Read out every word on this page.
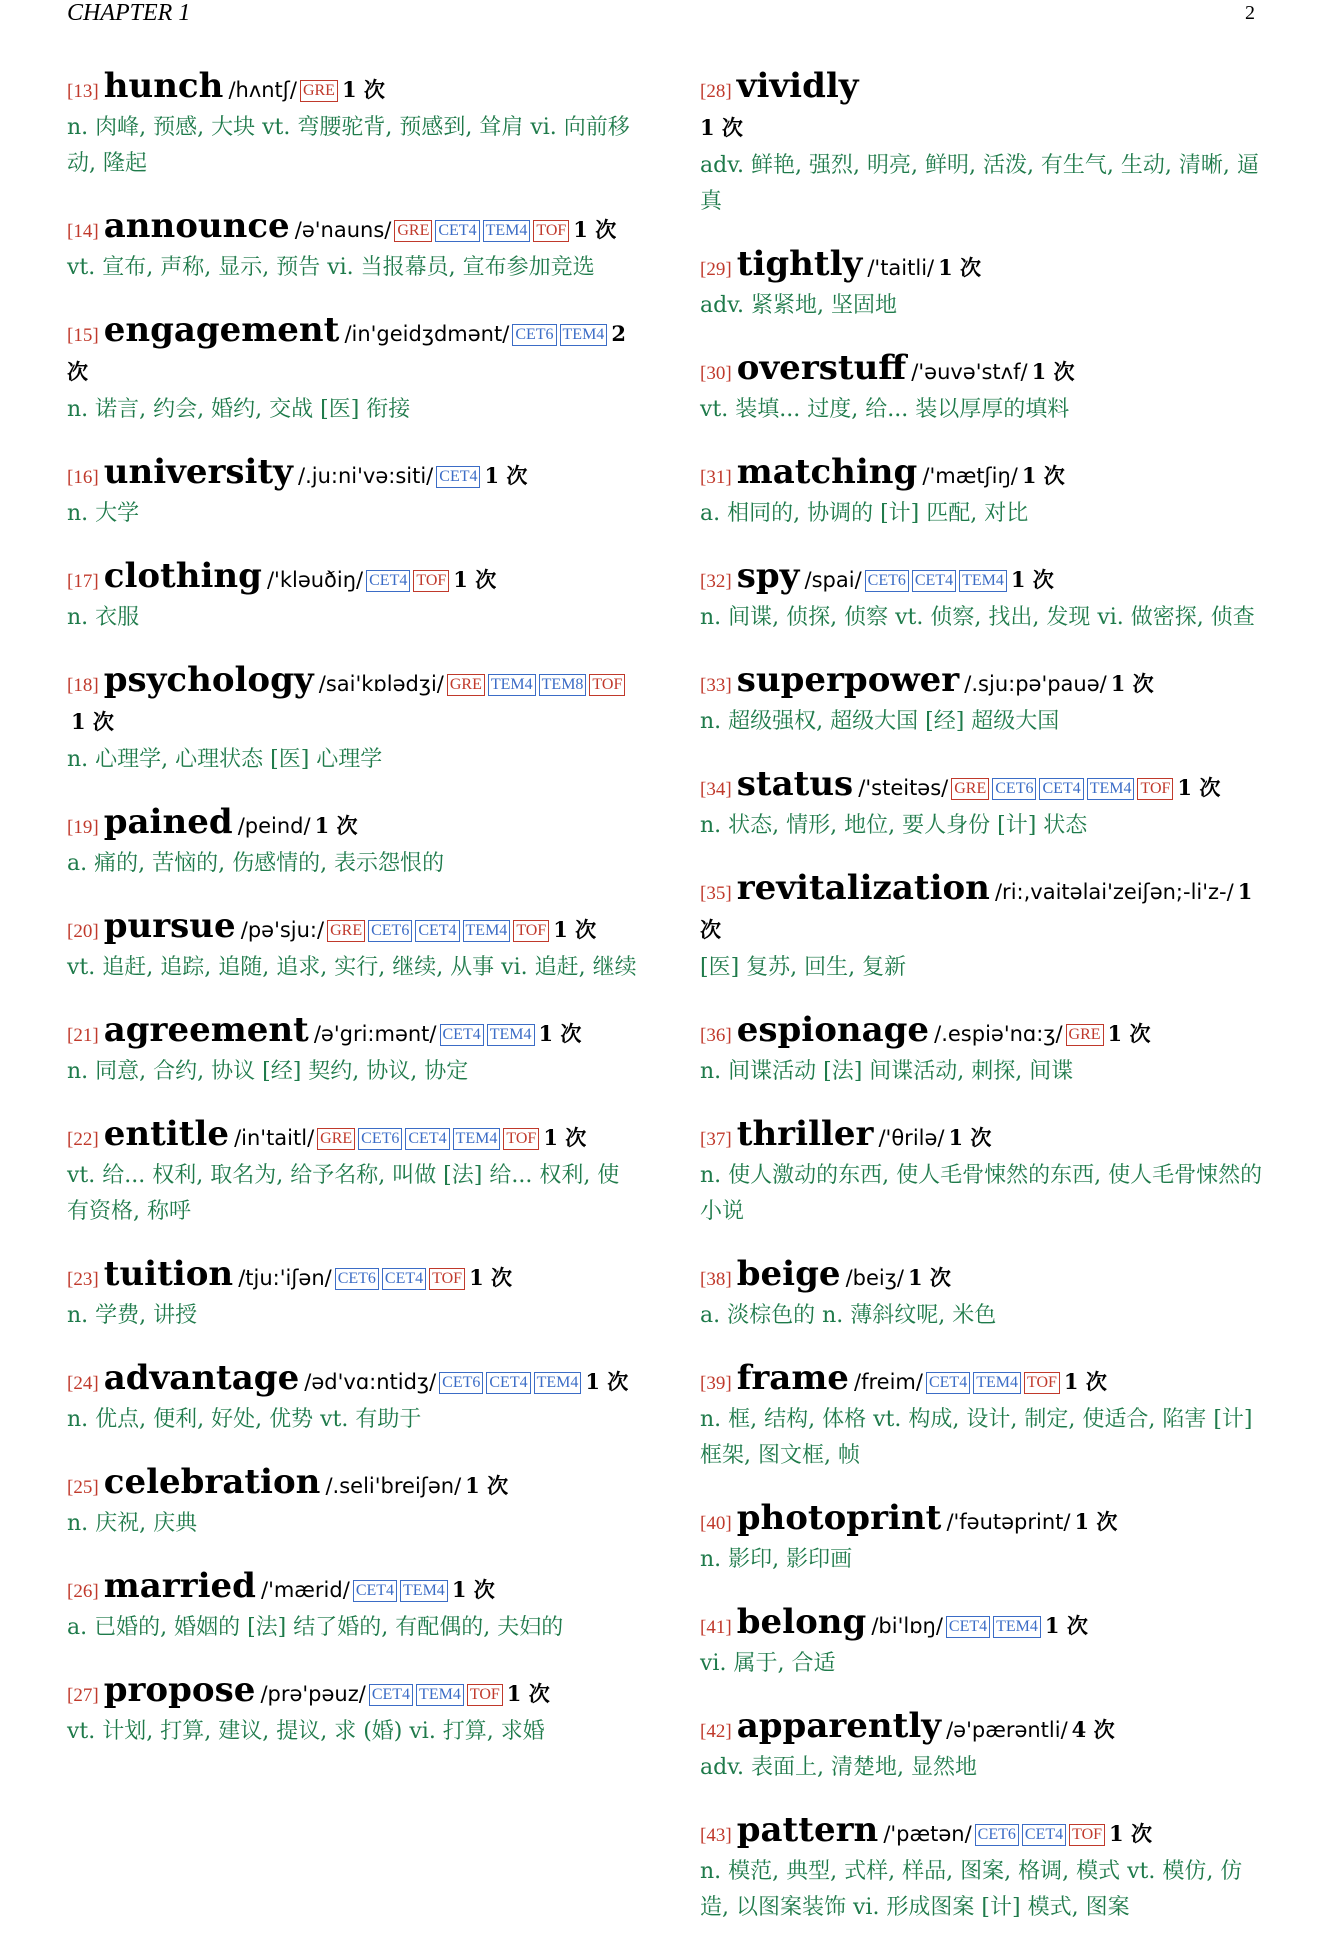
CHAPTER 1	2
[13] hunch /hʌntʃ/ GRE 1 次
n. 肉峰, 预感, 大块 vt. 弯腰驼背, 预感到, 耸肩 vi. 向前移动, 隆起
[14] announce /ə'nauns/ GRE CET4 TEM4 TOF 1 次
vt. 宣布, 声称, 显示, 预告 vi. 当报幕员, 宣布参加竞选
[15] engagement /in'geidʒdmənt/ CET6 TEM4 2 次
n. 诺言, 约会, 婚约, 交战 [医] 衔接
[16] university /.ju:ni'və:siti/ CET4 1 次
n. 大学
[17] clothing /'kləuðiŋ/ CET4 TOF 1 次
n. 衣服
[18] psychology /sai'kɒlədʒi/ GRE TEM4 TEM8 TOF1 次
n. 心理学, 心理状态 [医] 心理学
[19] pained /peind/ 1 次
a. 痛的, 苦恼的, 伤感情的, 表示怨恨的
[20] pursue /pə'sju:/ GRE CET6 CET4 TEM4 TOF 1 次
vt. 追赶, 追踪, 追随, 追求, 实行, 继续, 从事 vi. 追赶, 继续
[21] agreement /ə'gri:mənt/ CET4 TEM4 1 次
n. 同意, 合约, 协议 [经] 契约, 协议, 协定
[22] entitle /in'taitl/ GRE CET6 CET4 TEM4 TOF 1 次
vt. 给... 权利, 取名为, 给予名称, 叫做 [法] 给... 权利, 使有资格, 称呼
[23] tuition /tju:'iʃən/ CET6 CET4 TOF 1 次
n. 学费, 讲授
[24] advantage /əd'vɑ:ntidʒ/ CET6 CET4 TEM4 1 次
n. 优点, 便利, 好处, 优势 vt. 有助于
[25] celebration /.seli'breiʃən/ 1 次
n. 庆祝, 庆典
[26] married /'mærid/ CET4 TEM4 1 次
a. 已婚的, 婚姻的 [法] 结了婚的, 有配偶的, 夫妇的
[27] propose /prə'pəuz/ CET4 TEM4 TOF 1 次
vt. 计划, 打算, 建议, 提议, 求 (婚) vi. 打算, 求婚
[28] vividly
1 次
adv. 鲜艳, 强烈, 明亮, 鲜明, 活泼, 有生气, 生动, 清晰, 逼真
[29] tightly /'taitli/ 1 次
adv. 紧紧地, 坚固地
[30] overstuff /'əuvə'stʌf/ 1 次
vt. 装填... 过度, 给... 装以厚厚的填料
[31] matching /'mætʃiŋ/ 1 次
a. 相同的, 协调的 [计] 匹配, 对比
[32] spy /spai/ CET6 CET4 TEM4 1 次
n. 间谍, 侦探, 侦察 vt. 侦察, 找出, 发现 vi. 做密探, 侦查
[33] superpower /.sju:pə'pauə/ 1 次
n. 超级强权, 超级大国 [经] 超级大国
[34] status /'steitəs/ GRE CET6 CET4 TEM4 TOF 1 次
n. 状态, 情形, 地位, 要人身份 [计] 状态
[35] revitalization /ri:,vaitəlai'zeiʃən;-li'z-/ 1 次
[医] 复苏, 回生, 复新
[36] espionage /.espiə'nɑ:ʒ/ GRE 1 次
n. 间谍活动 [法] 间谍活动, 刺探, 间谍
[37] thriller /'θrilə/ 1 次
n. 使人激动的东西, 使人毛骨悚然的东西, 使人毛骨悚然的小说
[38] beige /beiʒ/ 1 次
a. 淡棕色的 n. 薄斜纹呢, 米色
[39] frame /freim/ CET4 TEM4 TOF 1 次
n. 框, 结构, 体格 vt. 构成, 设计, 制定, 使适合, 陷害 [计] 框架, 图文框, 帧
[40] photoprint /'fəutəprint/ 1 次
n. 影印, 影印画
[41] belong /bi'lɒŋ/ CET4 TEM4 1 次
vi. 属于, 合适
[42] apparently /ə'pærəntli/ 4 次
adv. 表面上, 清楚地, 显然地
[43] pattern /'pætən/ CET6 CET4 TOF 1 次
n. 模范, 典型, 式样, 样品, 图案, 格调, 模式 vt. 模仿, 仿造, 以图案装饰 vi. 形成图案 [计] 模式, 图案
